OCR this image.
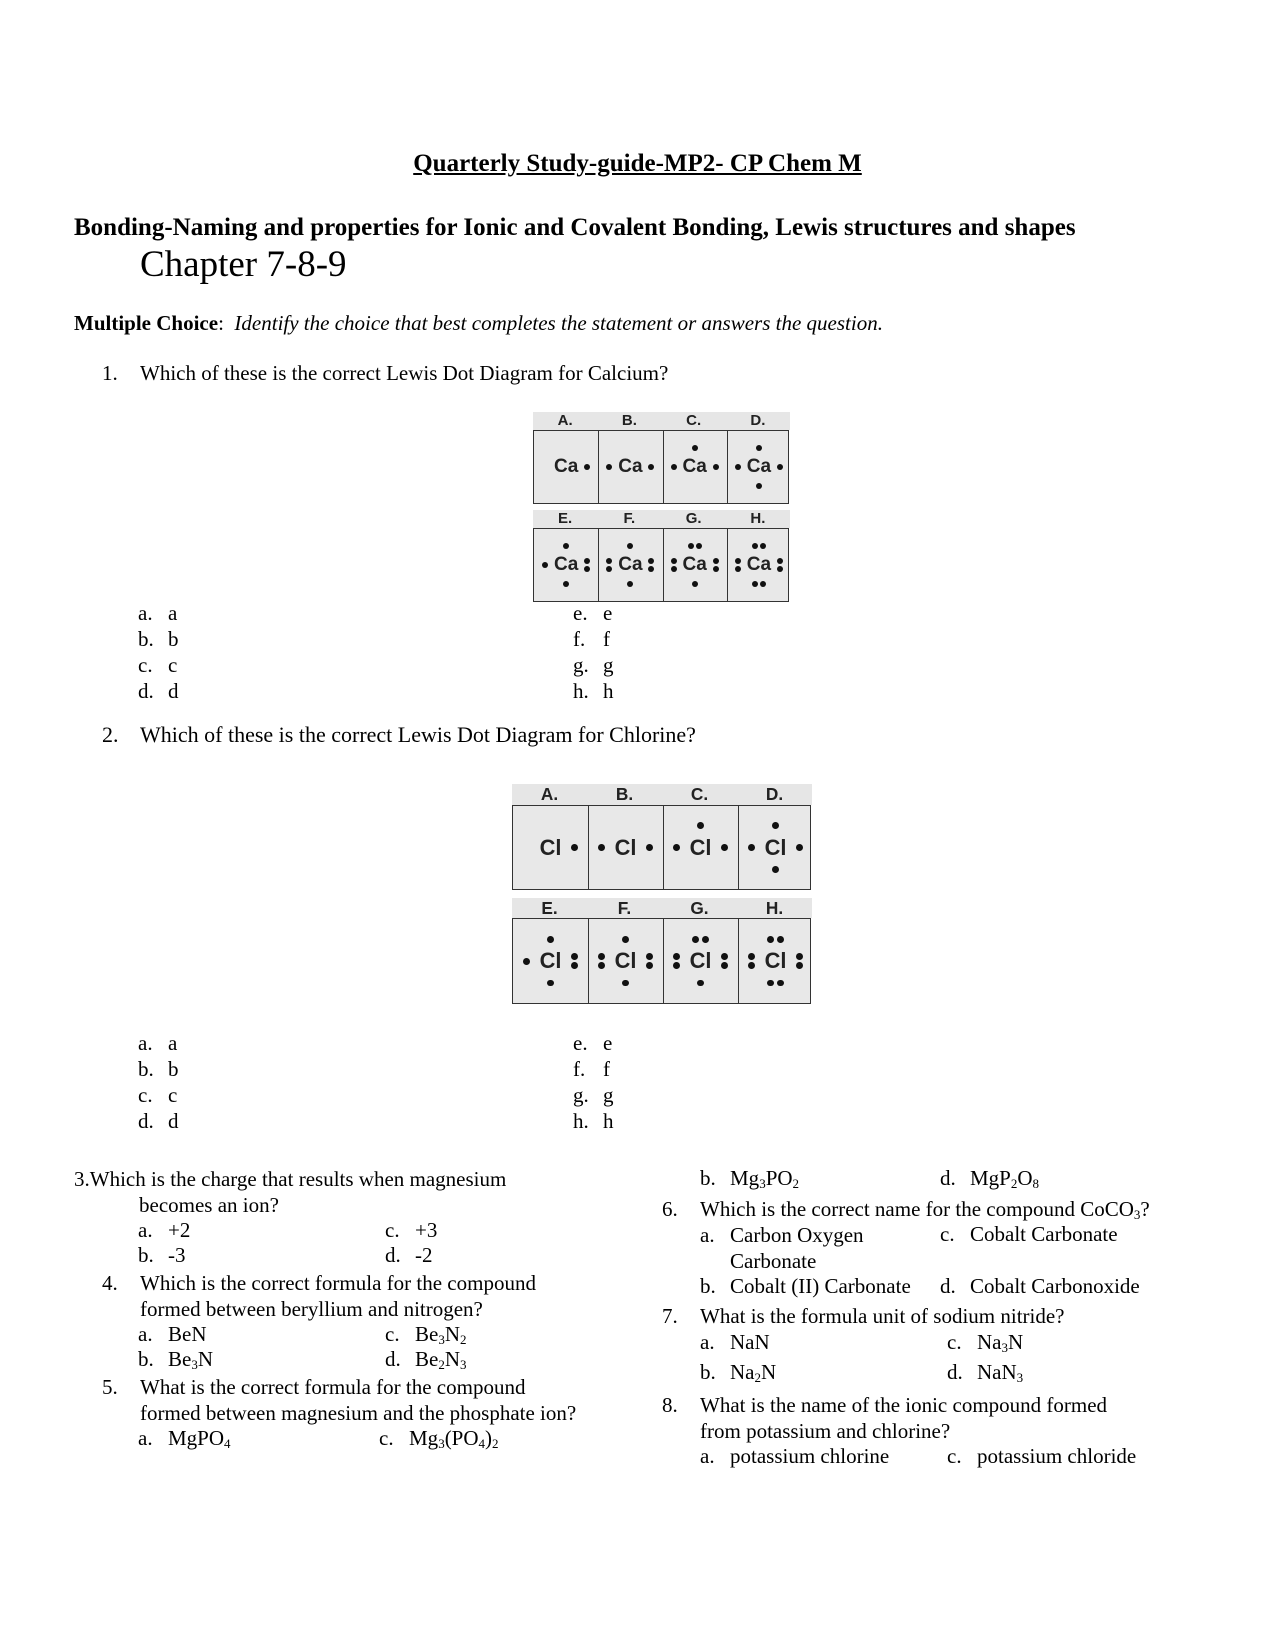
Quarterly Study-guide-MP2- CP Chem M
Bonding-Naming and properties for Ionic and Covalent Bonding, Lewis structures and shapes
Chapter 7-8-9
Multiple Choice: Identify the choice that best completes the statement or answers the question.
1. Which of these is the correct Lewis Dot Diagram for Calcium?
A.	B.	C.	D.
Ca Ca Ca Ca
E.	F.	G.	H.
Ca Ca Ca Ca
a. a
b. b
c. c
d. d
e. e
f. f
g. g
h. h
2. Which of these is the correct Lewis Dot Diagram for Chlorine?
A.	B.	C.	D.
Cl Cl Cl Cl
E.	F.	G.	H.
Cl Cl Cl Cl
a. a
b. b
c. c
d. d
e. e
f. f
g. g
h. h
3.Which is the charge that results when magnesium
becomes an ion?
a. +2	c. +3
b. -3	d. -2
4. Which is the correct formula for the compound
formed between beryllium and nitrogen?
a. BeN	c. $Be_3N_2$
b. $Be_3N$	d. $Be_2N_3$
5. What is the correct formula for the compound
formed between magnesium and the phosphate ion?
a. MgPO$_4$	c. $Mg_3(PO_4)_2$
b. $Mg_3PO_2$	d. $MgP_2O_8$
6. Which is the correct name for the compound CoCO$_3$?
a. Carbon Oxygen
Carbonate
c. Cobalt Carbonate
b. Cobalt (II) Carbonate d. Cobalt Carbonoxide
7. What is the formula unit of sodium nitride?
a. NaN	c. $Na_3N$
b. $Na_2N$	d. NaN$_3$
8. What is the name of the ionic compound formed
from potassium and chlorine?
a. potassium chlorine	c. potassium chloride
